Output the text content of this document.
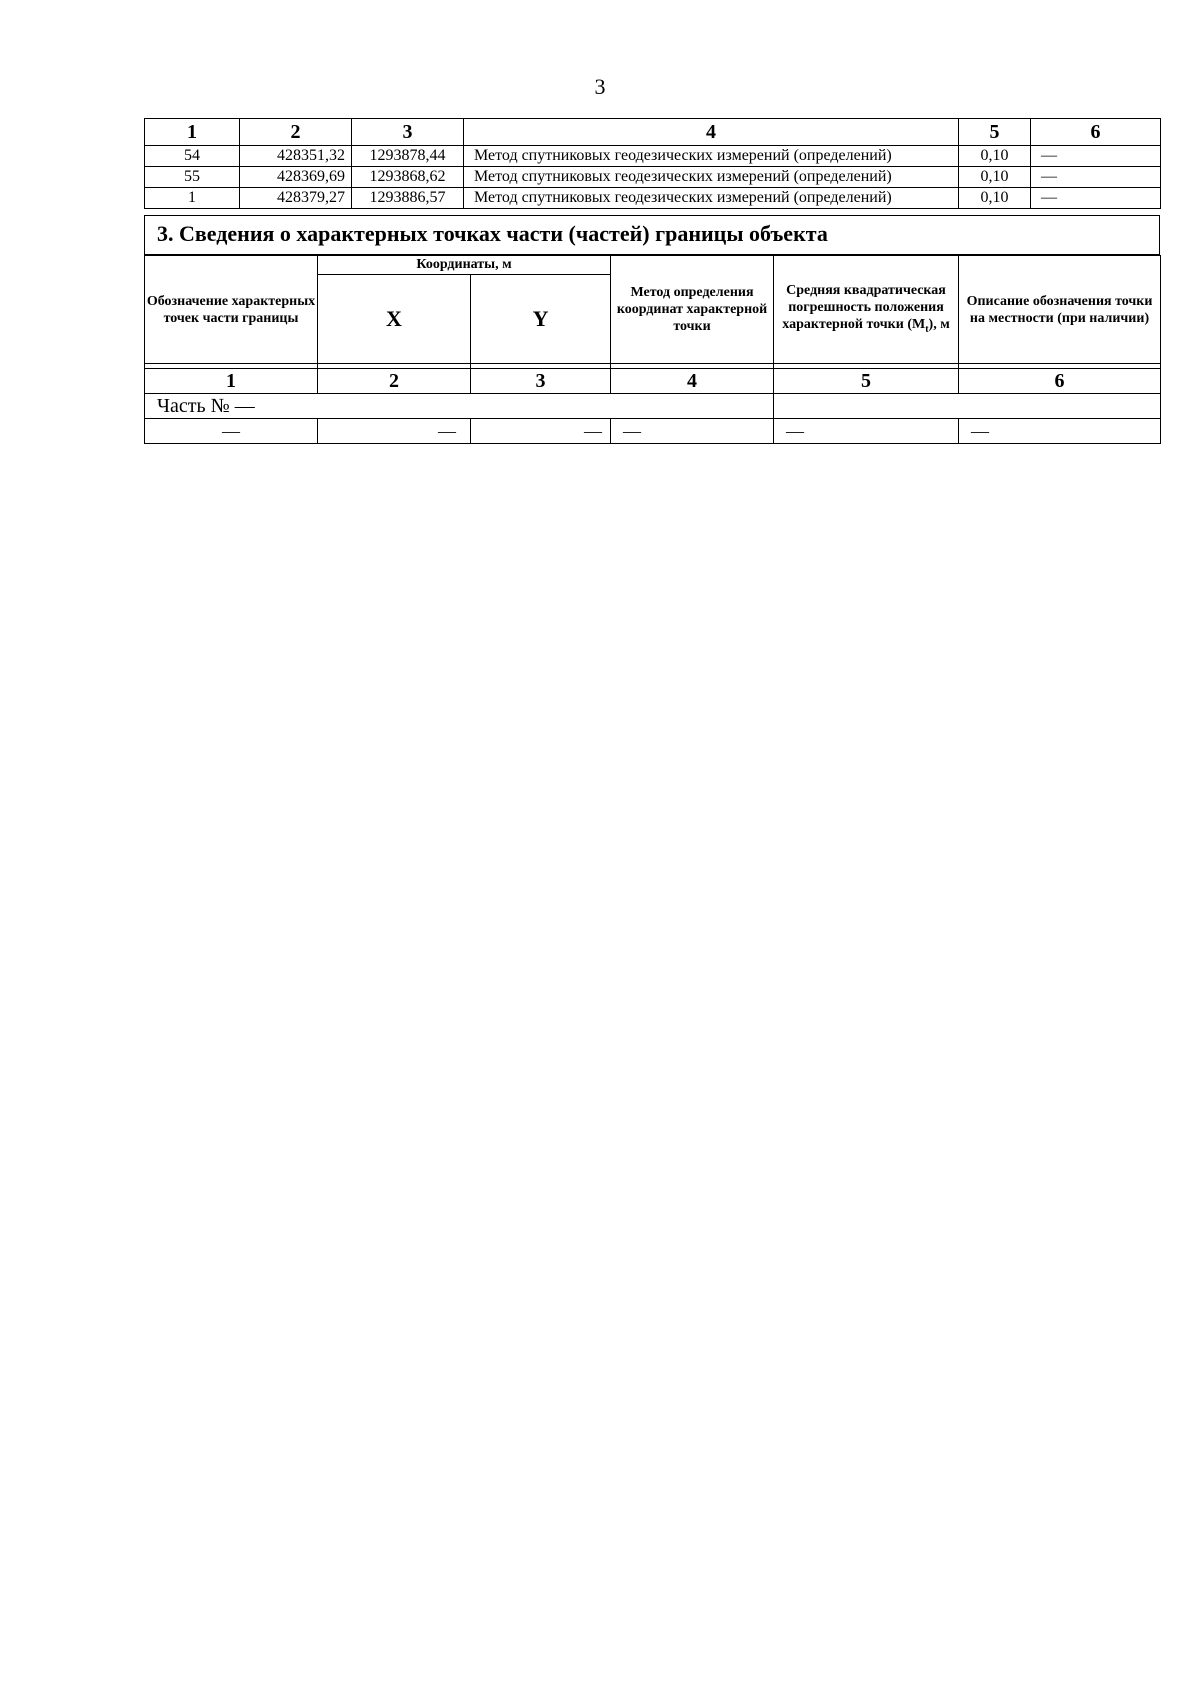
3
1	2	3	4	5	6
54	428351,32	1293878,44	Метод спутниковых геодезических измерений (определений)	0,10	—
55	428369,69	1293868,62	Метод спутниковых геодезических измерений (определений)	0,10	—
1	428379,27	1293886,57	Метод спутниковых геодезических измерений (определений)	0,10	—
3. Сведения о характерных точках части (частей) границы объекта
Обозначение характерных точек части границы	Координаты, м		Метод определения координат характерной точки	Средняя квадратическая погрешность положения характерной точки $(M_t)$, м	Описание обозначения точки на местности (при наличии)
	X	Y			

1	2	3	4	5	6
Часть № —					
—	—	—	—	—	—
